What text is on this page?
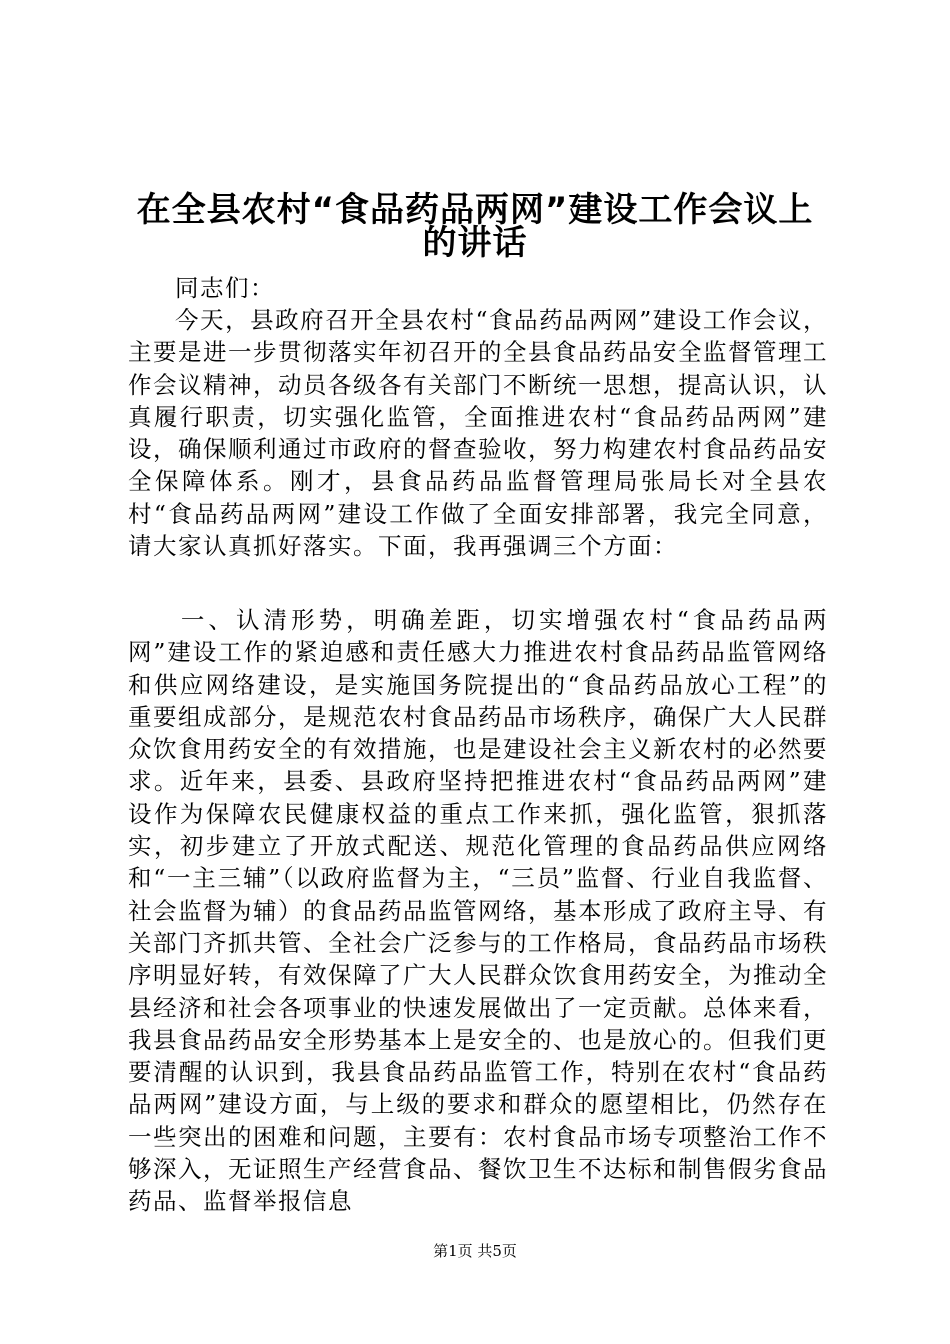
在全县农村“食品药品两网”建设工作会议上
的讲话
同志们：
今天，县政府召开全县农村“食品药品两网”建设工作会议，主要是进一步贯彻落实年初召开的全县食品药品安全监督管理工作会议精神，动员各级各有关部门不断统一思想，提高认识，认真履行职责，切实强化监管，全面推进农村“食品药品两网”建设，确保顺利通过市政府的督查验收，努力构建农村食品药品安全保障体系。刚才，县食品药品监督管理局张局长对全县农村“食品药品两网”建设工作做了全面安排部署，我完全同意，请大家认真抓好落实。下面，我再强调三个方面：
一、认清形势，明确差距，切实增强农村“食品药品两网”建设工作的紧迫感和责任感大力推进农村食品药品监管网络和供应网络建设，是实施国务院提出的“食品药品放心工程”的重要组成部分，是规范农村食品药品市场秩序，确保广大人民群众饮食用药安全的有效措施，也是建设社会主义新农村的必然要求。近年来，县委、县政府坚持把推进农村“食品药品两网”建设作为保障农民健康权益的重点工作来抓，强化监管，狠抓落实，初步建立了开放式配送、规范化管理的食品药品供应网络和“一主三辅”（以政府监督为主，“三员”监督、行业自我监督、社会监督为辅）的食品药品监管网络，基本形成了政府主导、有关部门齐抓共管、全社会广泛参与的工作格局，食品药品市场秩序明显好转，有效保障了广大人民群众饮食用药安全，为推动全县经济和社会各项事业的快速发展做出了一定贡献。总体来看，我县食品药品安全形势基本上是安全的、也是放心的。但我们更要清醒的认识到，我县食品药品监管工作，特别在农村“食品药品两网”建设方面，与上级的要求和群众的愿望相比，仍然存在一些突出的困难和问题，主要有：农村食品市场专项整治工作不够深入，无证照生产经营食品、餐饮卫生不达标和制售假劣食品药品、监督举报信息
第1页 共5页
